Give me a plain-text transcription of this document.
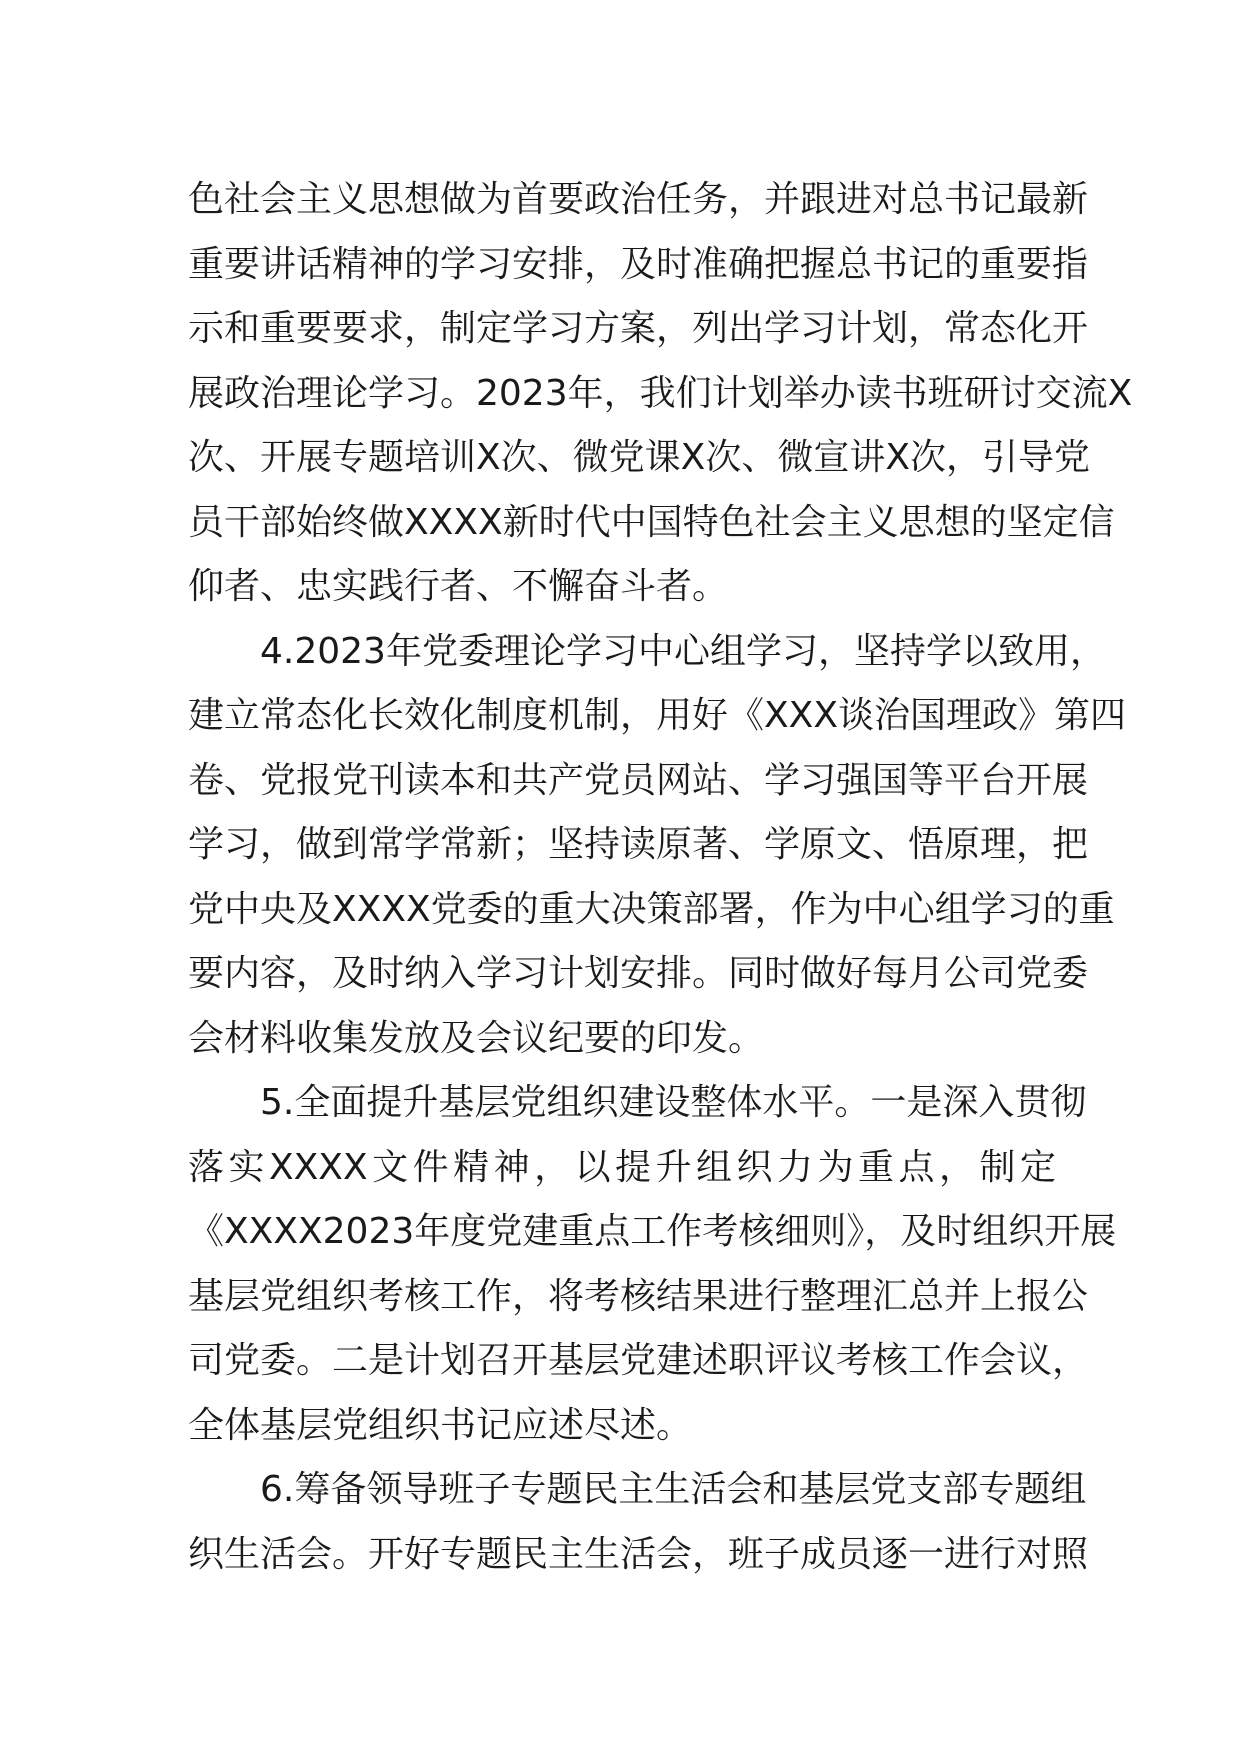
色社会主义思想做为首要政治任务，并跟进对总书记最新
重要讲话精神的学习安排，及时准确把握总书记的重要指
示和重要要求，制定学习方案，列出学习计划，常态化开
展政治理论学习。2023年，我们计划举办读书班研讨交流X
次、开展专题培训X次、微党课X次、微宣讲X次，引导党
员干部始终做XXXX新时代中国特色社会主义思想的坚定信
仰者、忠实践行者、不懈奋斗者。

4.2023年党委理论学习中心组学习，坚持学以致用，
建立常态化长效化制度机制，用好《XXX谈治国理政》第四
卷、党报党刊读本和共产党员网站、学习强国等平台开展
学习，做到常学常新；坚持读原著、学原文、悟原理，把
党中央及XXXX党委的重大决策部署，作为中心组学习的重
要内容，及时纳入学习计划安排。同时做好每月公司党委
会材料收集发放及会议纪要的印发。

5.全面提升基层党组织建设整体水平。一是深入贯彻
落实XXXX文件精神，以提升组织力为重点，制定
《XXXX2023年度党建重点工作考核细则》，及时组织开展
基层党组织考核工作，将考核结果进行整理汇总并上报公
司党委。二是计划召开基层党建述职评议考核工作会议，
全体基层党组织书记应述尽述。

6.筹备领导班子专题民主生活会和基层党支部专题组
织生活会。开好专题民主生活会，班子成员逐一进行对照
